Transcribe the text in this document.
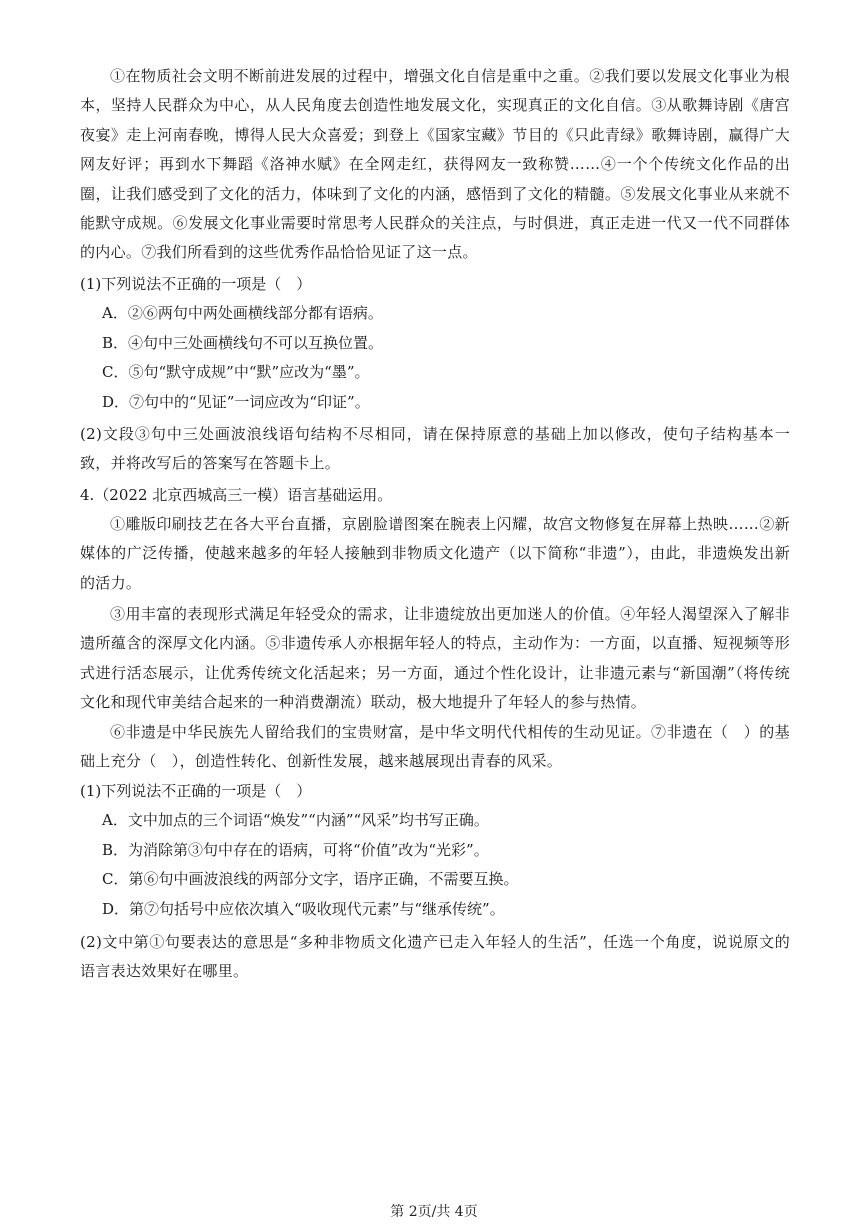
①在物质社会文明不断前进发展的过程中，增强文化自信是重中之重。②我们要以发展文化事业为根本，坚持人民群众为中心，从人民角度去创造性地发展文化，实现真正的文化自信。③从歌舞诗剧《唐宫夜宴》走上河南春晚，博得人民大众喜爱；到登上《国家宝藏》节目的《只此青绿》歌舞诗剧，赢得广大网友好评；再到水下舞蹈《洛神水赋》在全网走红，获得网友一致称赞……④一个个传统文化作品的出圈，让我们感受到了文化的活力，体味到了文化的内涵，感悟到了文化的精髓。⑤发展文化事业从来就不能默守成规。⑥发展文化事业需要时常思考人民群众的关注点，与时俱进，真正走进一代又一代不同群体的内心。⑦我们所看到的这些优秀作品恰恰见证了这一点。

(1)下列说法不正确的一项是（　）

A．②⑥两句中两处画横线部分都有语病。

B．④句中三处画横线句不可以互换位置。

C．⑤句“默守成规”中“默”应改为“墨”。

D．⑦句中的“见证”一词应改为“印证”。

(2)文段③句中三处画波浪线语句结构不尽相同，请在保持原意的基础上加以修改，使句子结构基本一致，并将改写后的答案写在答题卡上。

4.（2022 北京西城高三一模）语言基础运用。

①雕版印刷技艺在各大平台直播，京剧脸谱图案在腕表上闪耀，故宫文物修复在屏幕上热映……②新媒体的广泛传播，使越来越多的年轻人接触到非物质文化遗产（以下简称“非遗”），由此，非遗焕发出新的活力。

③用丰富的表现形式满足年轻受众的需求，让非遗绽放出更加迷人的价值。④年轻人渴望深入了解非遗所蕴含的深厚文化内涵。⑤非遗传承人亦根据年轻人的特点，主动作为：一方面，以直播、短视频等形式进行活态展示，让优秀传统文化活起来；另一方面，通过个性化设计，让非遗元素与“新国潮”（将传统文化和现代审美结合起来的一种消费潮流）联动，极大地提升了年轻人的参与热情。

⑥非遗是中华民族先人留给我们的宝贵财富，是中华文明代代相传的生动见证。⑦非遗在（　）的基础上充分（　），创造性转化、创新性发展，越来越展现出青春的风采。

(1)下列说法不正确的一项是（　）

A．文中加点的三个词语“焕发”“内涵”“风采”均书写正确。

B．为消除第③句中存在的语病，可将“价值”改为“光彩”。

C．第⑥句中画波浪线的两部分文字，语序正确，不需要互换。

D．第⑦句括号中应依次填入“吸收现代元素”与“继承传统”。

(2)文中第①句要表达的意思是“多种非物质文化遗产已走入年轻人的生活”，任选一个角度，说说原文的语言表达效果好在哪里。

第 2页/共 4页
